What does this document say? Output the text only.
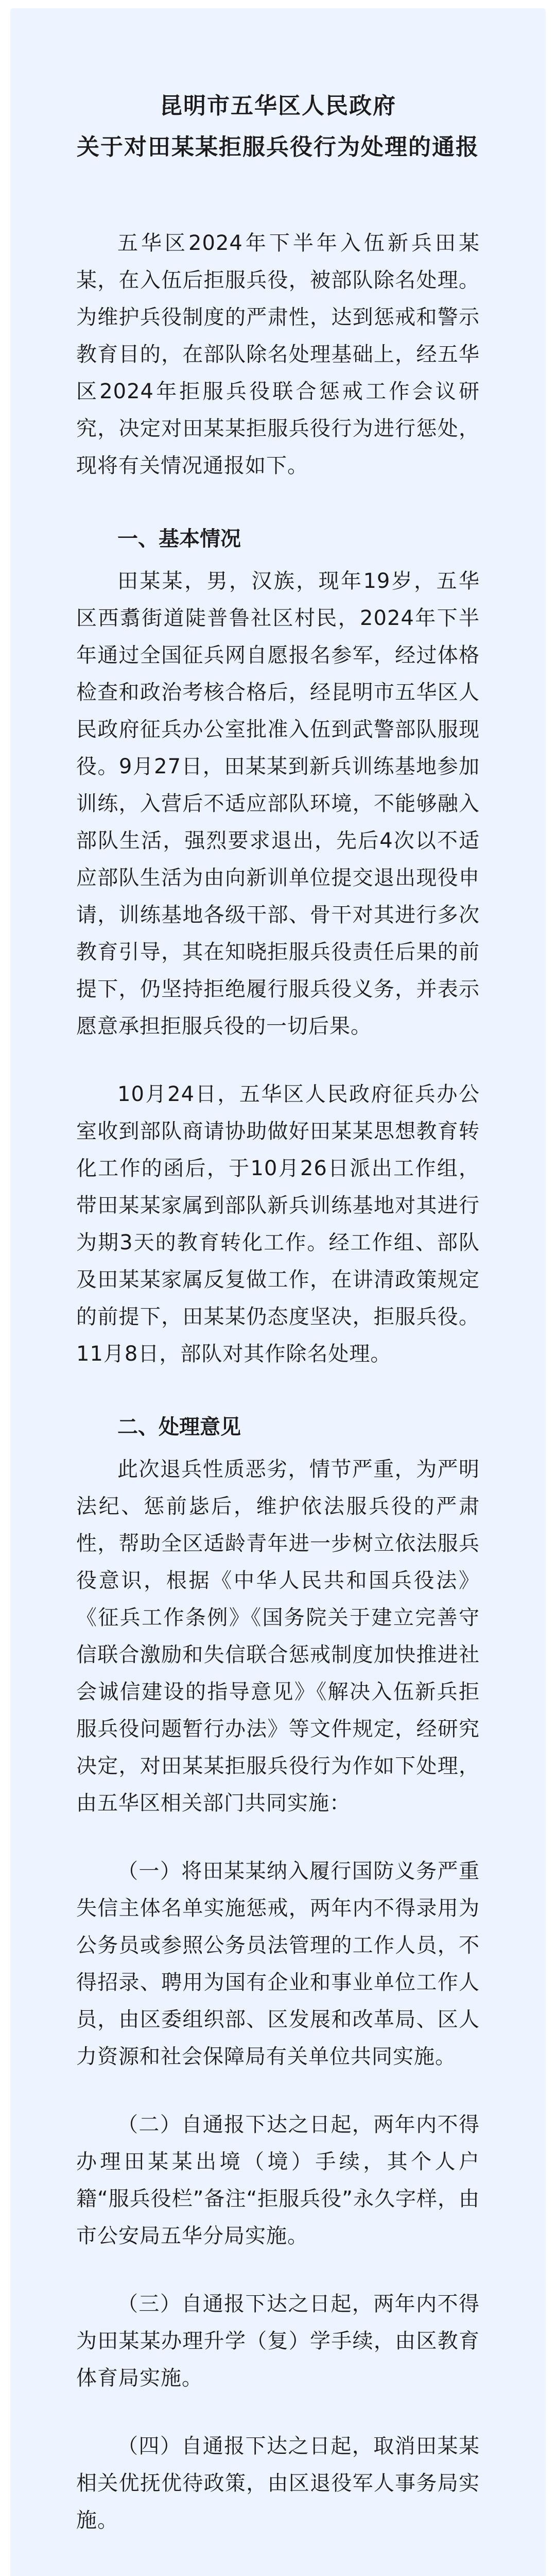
昆明市五华区人民政府
关于对田某某拒服兵役行为处理的通报

五华区2024年下半年入伍新兵田某某，在入伍后拒服兵役，被部队除名处理。为维护兵役制度的严肃性，达到惩戒和警示教育目的，在部队除名处理基础上，经五华区2024年拒服兵役联合惩戒工作会议研究，决定对田某某拒服兵役行为进行惩处，现将有关情况通报如下。

一、基本情况

田某某，男，汉族，现年19岁，五华区西翥街道陡普鲁社区村民，2024年下半年通过全国征兵网自愿报名参军，经过体格检查和政治考核合格后，经昆明市五华区人民政府征兵办公室批准入伍到武警部队服现役。9月27日，田某某到新兵训练基地参加训练，入营后不适应部队环境，不能够融入部队生活，强烈要求退出，先后4次以不适应部队生活为由向新训单位提交退出现役申请，训练基地各级干部、骨干对其进行多次教育引导，其在知晓拒服兵役责任后果的前提下，仍坚持拒绝履行服兵役义务，并表示愿意承担拒服兵役的一切后果。

10月24日，五华区人民政府征兵办公室收到部队商请协助做好田某某思想教育转化工作的函后，于10月26日派出工作组，带田某某家属到部队新兵训练基地对其进行为期3天的教育转化工作。经工作组、部队及田某某家属反复做工作，在讲清政策规定的前提下，田某某仍态度坚决，拒服兵役。11月8日，部队对其作除名处理。

二、处理意见

此次退兵性质恶劣，情节严重，为严明法纪、惩前毖后，维护依法服兵役的严肃性，帮助全区适龄青年进一步树立依法服兵役意识，根据《中华人民共和国兵役法》《征兵工作条例》《国务院关于建立完善守信联合激励和失信联合惩戒制度加快推进社会诚信建设的指导意见》《解决入伍新兵拒服兵役问题暂行办法》等文件规定，经研究决定，对田某某拒服兵役行为作如下处理，由五华区相关部门共同实施：

（一）将田某某纳入履行国防义务严重失信主体名单实施惩戒，两年内不得录用为公务员或参照公务员法管理的工作人员，不得招录、聘用为国有企业和事业单位工作人员，由区委组织部、区发展和改革局、区人力资源和社会保障局有关单位共同实施。

（二）自通报下达之日起，两年内不得办理田某某出境（境）手续，其个人户籍“服兵役栏”备注“拒服兵役”永久字样，由市公安局五华分局实施。

（三）自通报下达之日起，两年内不得为田某某办理升学（复）学手续，由区教育体育局实施。

（四）自通报下达之日起，取消田某某相关优抚优待政策，由区退役军人事务局实施。
